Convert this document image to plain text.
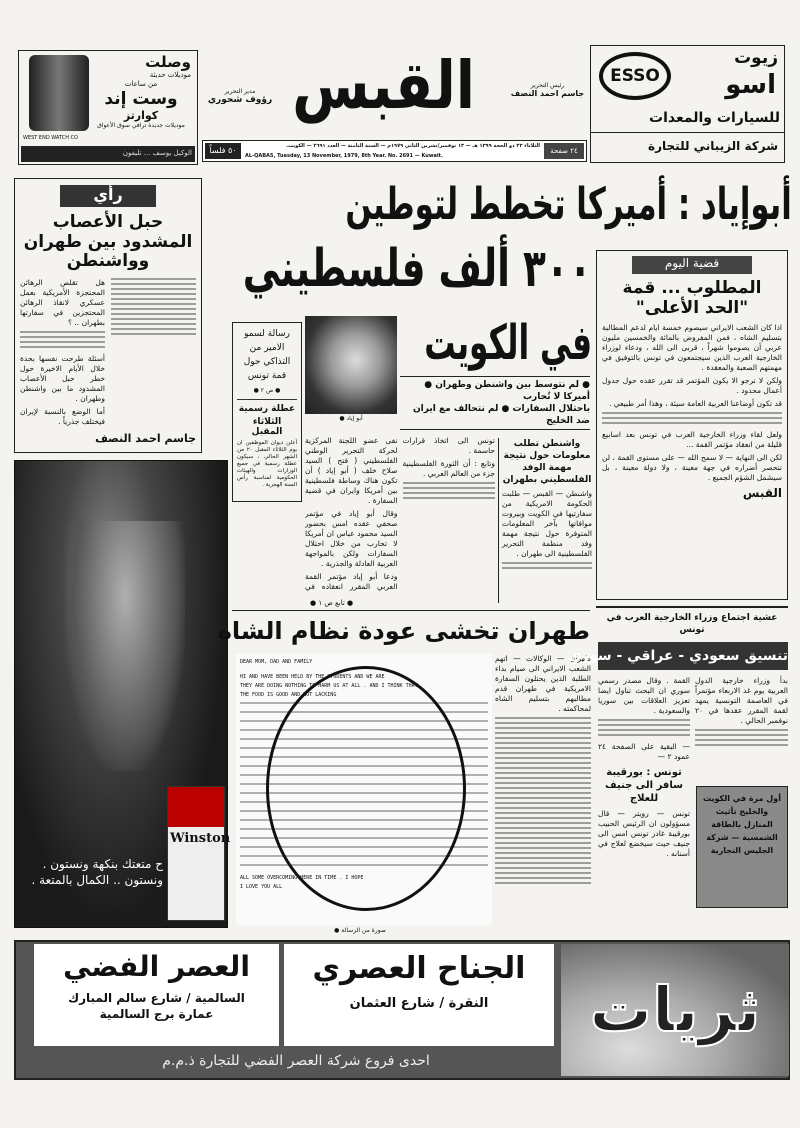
وصلت
موديلات حديثة
من ساعات
وست إند
كوارتز
موديلات جديدة ترافي سوق الأعواق
WEST END WATCH CO
الوكيل يوسف ... تليفون
مدير التحرير
رؤوف شحوري القبس	رئيس التحرير
جاسم احمد النصف
٥٠ فلساً	الثلاثاء ٢٣ ذو الحجة ١٣٩٩ هـ — ١٣ نوفمبر/تشرين الثاني ١٩٧٩م — السنة الثامنة — العدد ٢٦٩١ — الكويت.
AL-QABAS, Tuesday, 13 November, 1979, 8th Year. No. 2691 — Kuwait.
٢٤ صفحة
ESSO
زيوت
اسو
للسيارات والمعدات
شركة الزيباني للتجارة
رأي
حبل الأعصاب المشدود بين طهران وواشنطن

هل تقلص الرهائن المحتجزة الأمريكية بعمل عسكري لانقاذ الرهائن المحتجزين في سفارتها بطهران .. ؟

أسئلة طرحت نفسها بحدة خلال الأيام الاخيرة حول خطر حبل الأعصاب المشدود ما بين واشنطن وطهران .

أما الوضع بالنسبة لإيران فيختلف جذرياً .

جاسم احمد النصف
Winston
ح متعتك بنكهة ونستون .
ونستون .. الكمال بالمتعة .
أبوإياد : أميركا تخطط لتوطين
٣٠٠ ألف فلسطيني
في الكويت
قضية اليوم
المطلوب ... قمة "الحد الأعلى"

اذا كان الشعب الايراني سيصوم خمسة ايام لدعم المطالبة بتسليم الشاه ، فمن المفروض بالمائة والخمسين مليون عربي أن يصوموا شهراً ، قربى الى الله ، ودعاء لوزراء الخارجية العرب الذين سيجتمعون في تونس بالتوفيق في مهمتهم الصعبة والمعقدة .

ولكن لا نرجو الا يكون المؤتمر قد تقرر عقده حول جدول أعمال محدود .

قد تكون أوضاعنا العربية العامة سيئة ، وهذا أمر طبيعي .

ولعل لقاء وزراء الخارجية العرب في تونس بعد اسابيع قليلة من انعقاد مؤتمر القمة ...

لكن الى النهاية — لا سمح الله — على مستوى القمة ، لن تنحصر أضراره في جهة معينة ، ولا دولة معينة ، بل سيشمل الشؤم الجميع .

القبس
رسالة لسمو الامير من التذاكي حول قمة تونس
● ص ٢ ●
عطلة رسمية
الثلاثاء المقبل

أعلن ديوان الموظفين ان يوم الثلاثاء المقبل ٢٠ من الشهر الحالي ، سيكون عطلة رسمية في جميع الوزارات والهيئات الحكومية لمناسبة رأس السنة الهجرية .

● أبو إياد
● لم نتوسط بين واشنطن وطهران ● أميركا لا تُحارب
باحتلال السفارات ● لم نتحالف مع ايران ضد الخليج

نفى عضو اللجنة المركزية لحركة التحرير الوطني الفلسطيني ( فتح ) السيد صلاح خلف ( أبو إياد ) أن تكون هناك وساطة فلسطينية بين أمريكا وايران في قضية السفارة .

وقال أبو إياد في مؤتمر صحفي عقده امس بحضور السيد محمود عباس ان أمريكا لا تحارب من خلال احتلال السفارات ولكن بالمواجهة العربية العادلة والجذرية .

ودعا أبو إياد مؤتمر القمة العربي المقرر انعقاده في تونس الى اتخاذ قرارات حاسمة .

وتابع : أن الثورة الفلسطينية جزء من العالم العربي .

● تابع ص ١ ●
واشنطن تطلب معلومات حول نتيجة مهمة الوفد الفلسطيني بطهران

واشنطن — القبس — طلبت الحكومة الامريكية من سفارتيها في الكويت وبيروت موافاتها بآخر المعلومات المتوفرة حول نتيجة مهمة وفد منظمة التحرير الفلسطينية الى طهران .

طهران تخشى عودة نظام الشاه
DEAR MOM, DAD AND FAMILY
HI AND HAVE BEEN HELD BY THE STUDENTS AND WE ARE
THEY ARE DOING NOTHING TO HARM US AT ALL . AND I THINK THAT
THE FOOD IS GOOD AND NOT LACKING
ALL SOME OVERCOMING HERE IN TIME . I HOPE
I LOVE YOU ALL
● صورة من الرسالة

طهران — الوكالات — اتهم الشعب الايراني الى صيام بداء الطلبة الذين يحتلون السفارة الامريكية في طهران قدم مطالبهم بتسليم الشاه لمحاكمته .

عشية اجتماع وزراء الخارجية العرب في تونس
تنسيق سعودي - عراقي - سوري

بدأ وزراء خارجية الدول العربية يوم غد الاربعاء مؤتمراً في العاصمة التونسية يمهد لقمة المقرر عقدها في ٢٠ نوفمبر الحالي .

القمة . وقال مصدر رسمي سوري ان البحث تناول ايضا تعزيز العلاقات بين سوريا والسعودية .

— البقية على الصفحة ٢٤ عمود ٢ —

تونس : بورقيبة سافر الى جنيف للعلاج

تونس — رويتر — قال مسؤولون ان الرئيس الحبيب بورقيبة غادر تونس امس الى جنيف حيث سيخضع لعلاج في أسنانه .

أول مرة في الكويت والخليج تأثيث المنازل بالطاقة الشمسية — شركة الجليس التجارية
العصر الفضي
السالمية / شارع سالم المبارك
عمارة برج السالمية
الجناح العصري
النقرة / شارع العثمان	ثريات
احدى فروع شركة العصر الفضي للتجارة ذ.م.م
